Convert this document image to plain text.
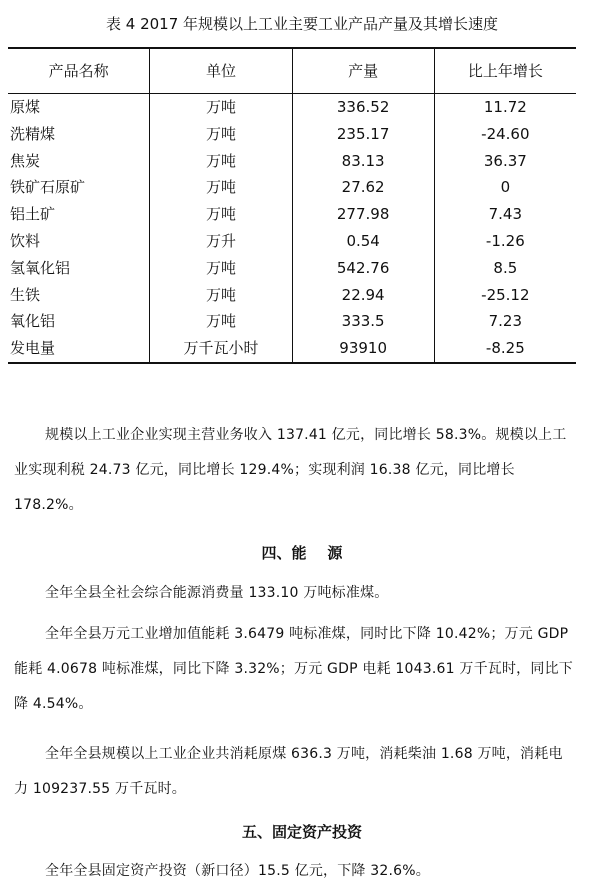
表 4 2017 年规模以上工业主要工业产品产量及其增长速度
产品名称	单位	产量	比上年增长
原煤	万吨	336.52	11.72
洗精煤	万吨	235.17	-24.60
焦炭	万吨	83.13	36.37
铁矿石原矿	万吨	27.62	0
铝土矿	万吨	277.98	7.43
饮料	万升	0.54	-1.26
氢氧化铝	万吨	542.76	8.5
生铁	万吨	22.94	-25.12
氧化铝	万吨	333.5	7.23
发电量	万千瓦小时	93910	-8.25

规模以上工业企业实现主营业务收入 137.41 亿元，同比增长 58.3%。规模以上工业实现利税 24.73 亿元，同比增长 129.4%；实现利润 16.38 亿元，同比增长 178.2%。

四、能    源

全年全县全社会综合能源消费量 133.10 万吨标准煤。

全年全县万元工业增加值能耗 3.6479 吨标准煤，同时比下降 10.42%；万元 GDP 能耗 4.0678 吨标准煤，同比下降 3.32%；万元 GDP 电耗 1043.61 万千瓦时，同比下降 4.54%。

全年全县规模以上工业企业共消耗原煤 636.3 万吨，消耗柴油 1.68 万吨，消耗电力 109237.55 万千瓦时。

五、固定资产投资

全年全县固定资产投资（新口径）15.5 亿元，下降 32.6%。
